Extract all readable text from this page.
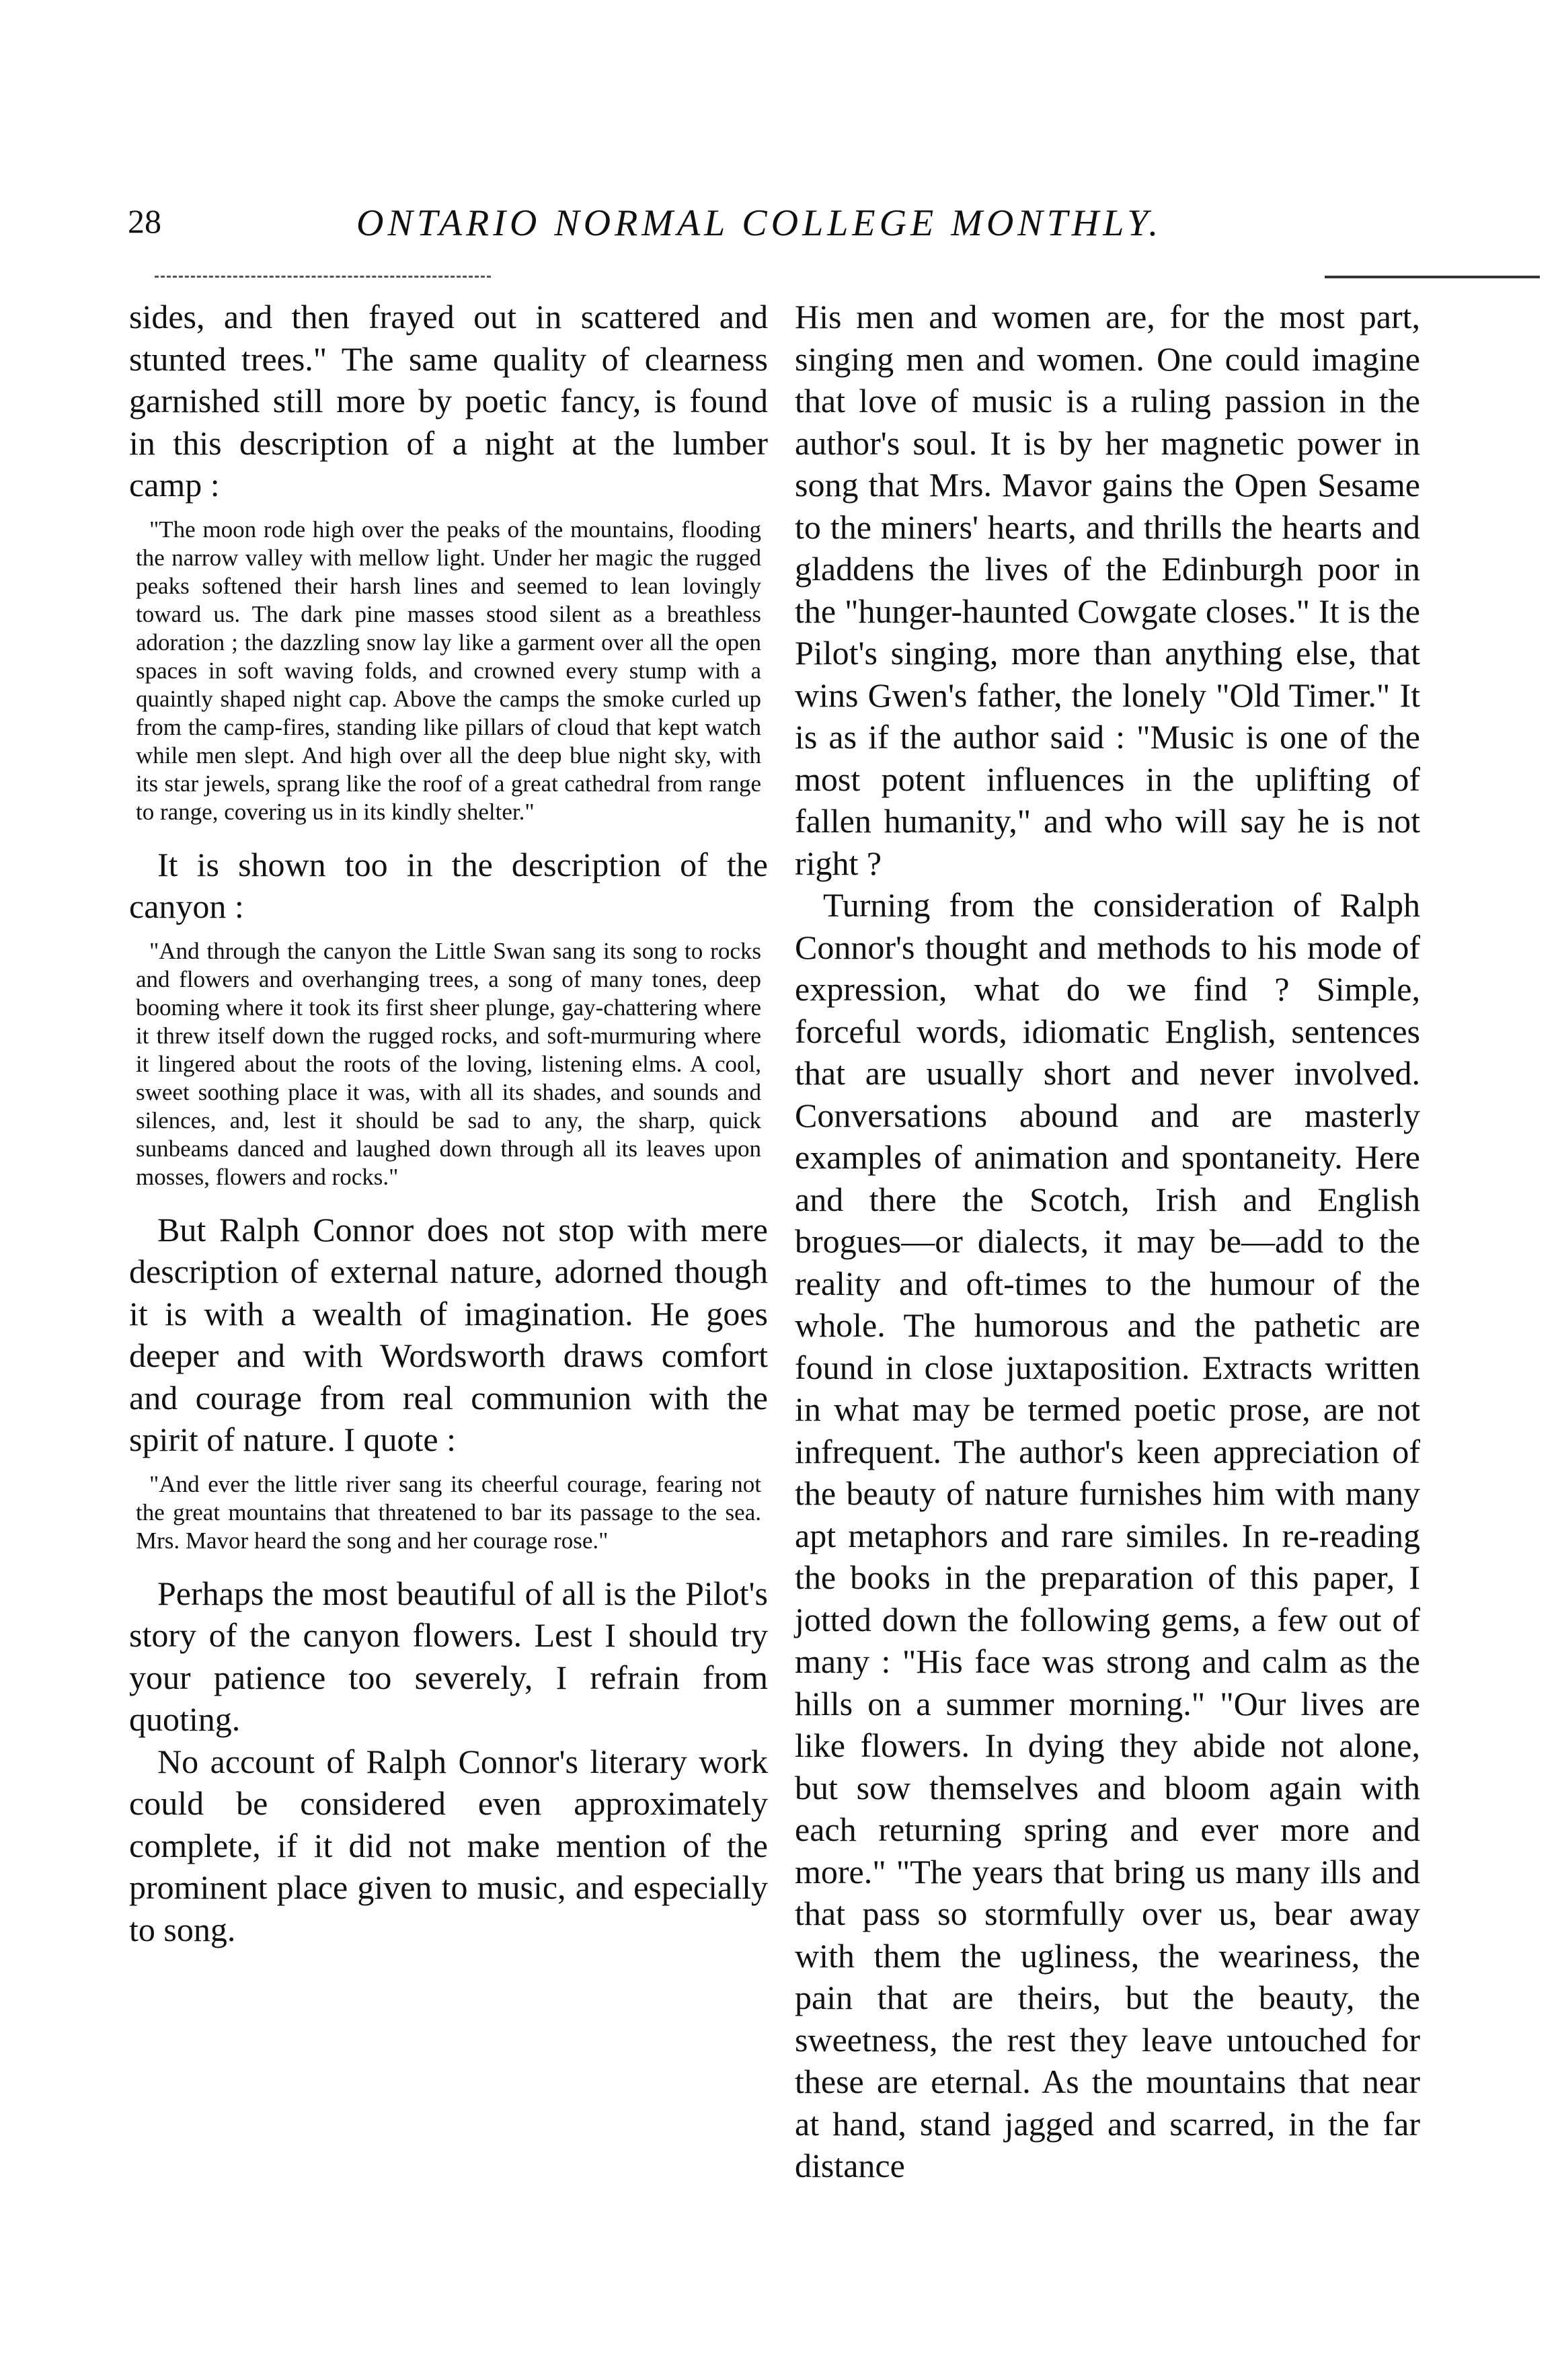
28	ONTARIO NORMAL COLLEGE MONTHLY.

sides, and then frayed out in scattered and stunted trees." The same quality of clearness garnished still more by poetic fancy, is found in this description of a night at the lumber camp :

"The moon rode high over the peaks of the mountains, flooding the narrow valley with mellow light. Under her magic the rugged peaks softened their harsh lines and seemed to lean lovingly toward us. The dark pine masses stood silent as a breathless adoration ; the dazzling snow lay like a garment over all the open spaces in soft waving folds, and crowned every stump with a quaintly shaped night cap. Above the camps the smoke curled up from the camp-fires, standing like pillars of cloud that kept watch while men slept. And high over all the deep blue night sky, with its star jewels, sprang like the roof of a great cathedral from range to range, covering us in its kindly shelter."

It is shown too in the description of the canyon :

"And through the canyon the Little Swan sang its song to rocks and flowers and overhanging trees, a song of many tones, deep booming where it took its first sheer plunge, gay-chattering where it threw itself down the rugged rocks, and soft-murmuring where it lingered about the roots of the loving, listening elms. A cool, sweet soothing place it was, with all its shades, and sounds and silences, and, lest it should be sad to any, the sharp, quick sunbeams danced and laughed down through all its leaves upon mosses, flowers and rocks."

But Ralph Connor does not stop with mere description of external nature, adorned though it is with a wealth of imagination. He goes deeper and with Wordsworth draws comfort and courage from real communion with the spirit of nature. I quote :

"And ever the little river sang its cheerful courage, fearing not the great mountains that threatened to bar its passage to the sea. Mrs. Mavor heard the song and her courage rose."

Perhaps the most beautiful of all is the Pilot's story of the canyon flowers. Lest I should try your patience too severely, I refrain from quoting.

No account of Ralph Connor's literary work could be considered even approximately complete, if it did not make mention of the prominent place given to music, and especially to song.

His men and women are, for the most part, singing men and women. One could imagine that love of music is a ruling passion in the author's soul. It is by her magnetic power in song that Mrs. Mavor gains the Open Sesame to the miners' hearts, and thrills the hearts and gladdens the lives of the Edinburgh poor in the "hunger-haunted Cowgate closes." It is the Pilot's singing, more than anything else, that wins Gwen's father, the lonely "Old Timer." It is as if the author said : "Music is one of the most potent influences in the uplifting of fallen humanity," and who will say he is not right ?

Turning from the consideration of Ralph Connor's thought and methods to his mode of expression, what do we find ? Simple, forceful words, idiomatic English, sentences that are usually short and never involved. Conversations abound and are masterly examples of animation and spontaneity. Here and there the Scotch, Irish and English brogues—or dialects, it may be—add to the reality and oft-times to the humour of the whole. The humorous and the pathetic are found in close juxtaposition. Extracts written in what may be termed poetic prose, are not infrequent. The author's keen appreciation of the beauty of nature furnishes him with many apt metaphors and rare similes. In re-reading the books in the preparation of this paper, I jotted down the following gems, a few out of many : "His face was strong and calm as the hills on a summer morning." "Our lives are like flowers. In dying they abide not alone, but sow themselves and bloom again with each returning spring and ever more and more." "The years that bring us many ills and that pass so stormfully over us, bear away with them the ugliness, the weariness, the pain that are theirs, but the beauty, the sweetness, the rest they leave untouched for these are eternal. As the mountains that near at hand, stand jagged and scarred, in the far distance
